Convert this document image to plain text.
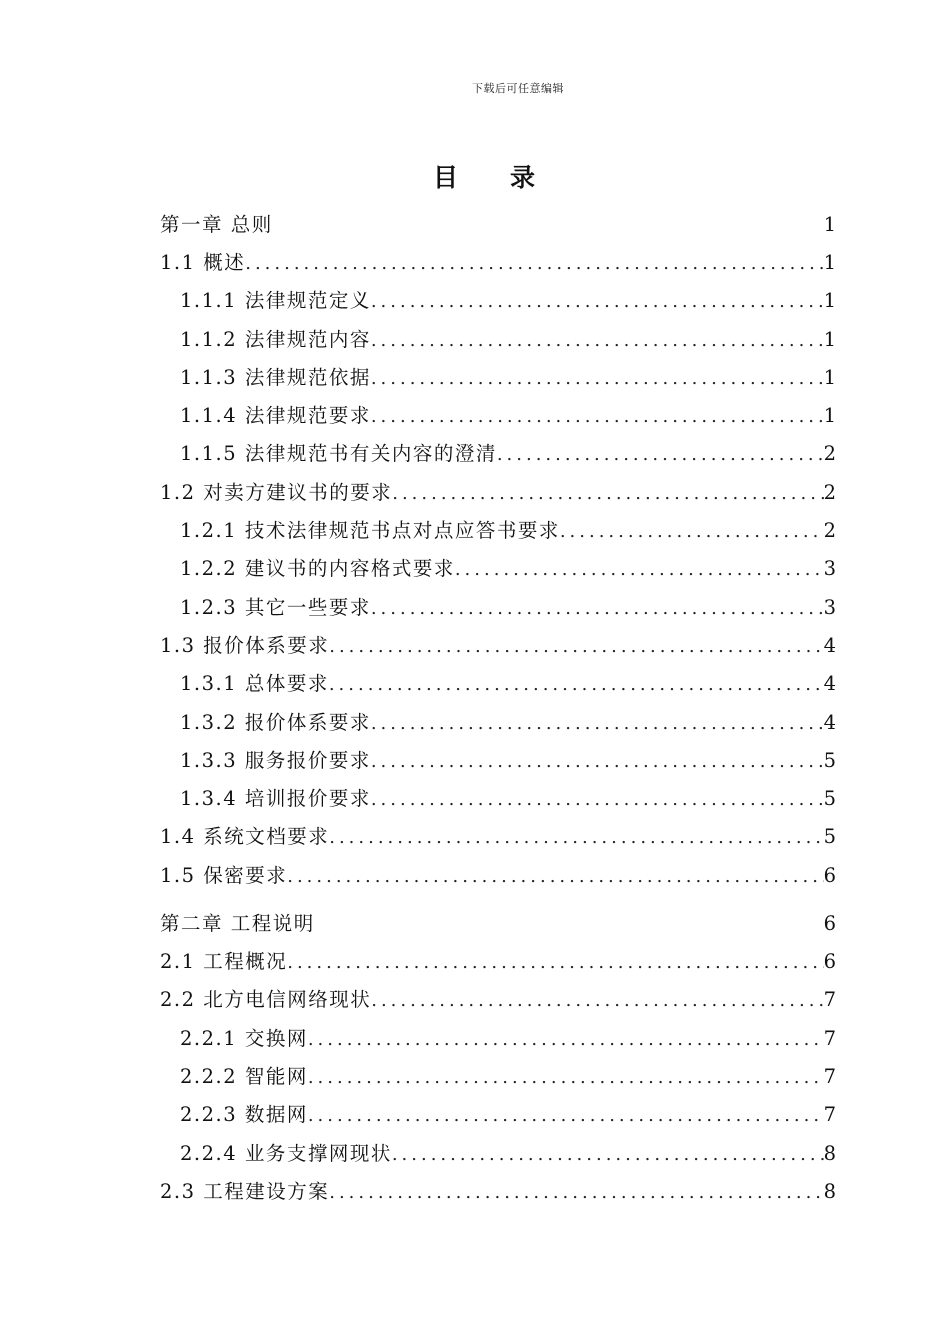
下载后可任意编辑
目录
第一章 总则	1
1.1 概述 .....	1
1.1.1 法律规范定义 .....	1
1.1.2 法律规范内容 .....	1
1.1.3 法律规范依据 .....	1
1.1.4 法律规范要求 .....	1
1.1.5 法律规范书有关内容的澄清 .....	2
1.2 对卖方建议书的要求 .....	2
1.2.1 技术法律规范书点对点应答书要求 .....	2
1.2.2 建议书的内容格式要求 .....	3
1.2.3 其它一些要求 .....	3
1.3 报价体系要求 .....	4
1.3.1 总体要求 .....	4
1.3.2 报价体系要求 .....	4
1.3.3 服务报价要求 .....	5
1.3.4 培训报价要求 .....	5
1.4 系统文档要求 .....	5
1.5 保密要求 .....	6
第二章 工程说明	6
2.1 工程概况 .....	6
2.2 北方电信网络现状 .....	7
2.2.1 交换网 .....	7
2.2.2 智能网 .....	7
2.2.3 数据网 .....	7
2.2.4 业务支撑网现状 .....	8
2.3 工程建设方案 .....	8
